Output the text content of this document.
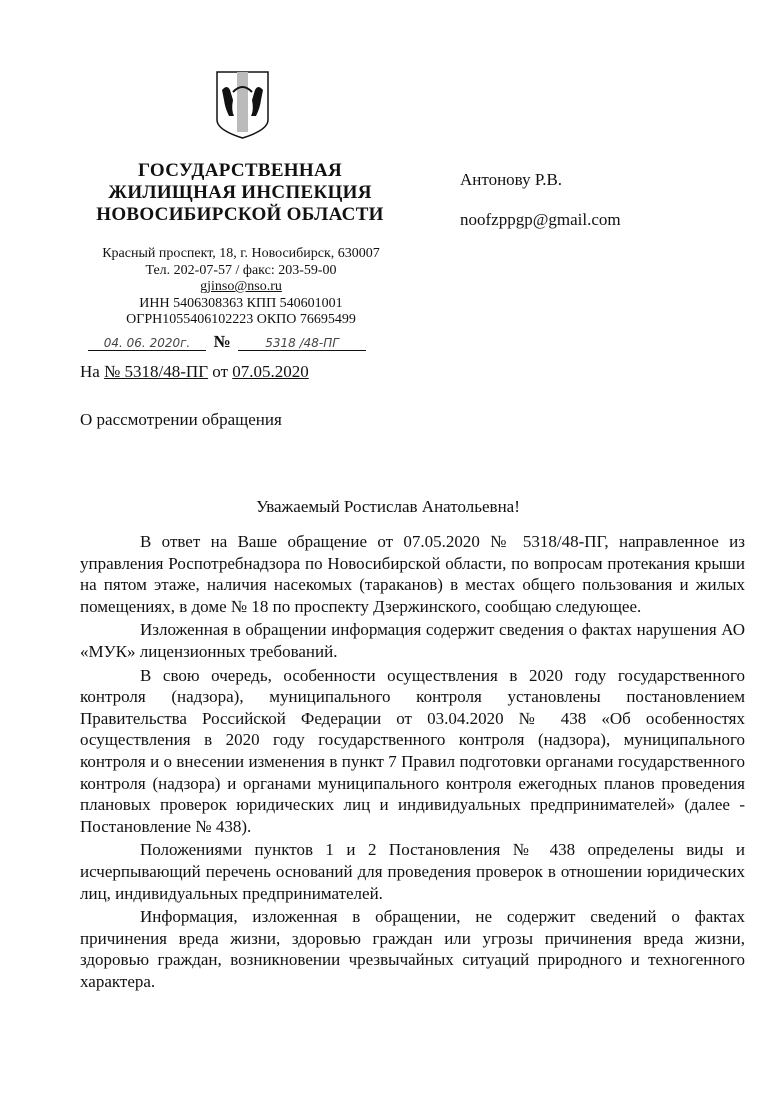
ГОСУДАРСТВЕННАЯ
ЖИЛИЩНАЯ ИНСПЕКЦИЯ
НОВОСИБИРСКОЙ ОБЛАСТИ
Красный проспект, 18, г. Новосибирск, 630007
Тел. 202-07-57 / факс: 203-59-00
gjinso@nso.ru
ИНН 5406308363 КПП 540601001
ОГРН1055406102223 ОКПО 76695499
04. 06. 2020г. №	5318 /48-ПГ
На № 5318/48-ПГ от 07.05.2020
О рассмотрении обращения
Антонову Р.В.
noofzppgp@gmail.com
Уважаемый Ростислав Анатольевна!

В ответ на Ваше обращение от 07.05.2020 № 5318/48-ПГ, направленное из управления Роспотребнадзора по Новосибирской области, по вопросам протекания крыши на пятом этаже, наличия насекомых (тараканов) в местах общего пользования и жилых помещениях, в доме № 18 по проспекту Дзержинского, сообщаю следующее.

Изложенная в обращении информация содержит сведения о фактах нарушения АО «МУК» лицензионных требований.

В свою очередь, особенности осуществления в 2020 году государственного контроля (надзора), муниципального контроля установлены постановлением Правительства Российской Федерации от 03.04.2020 № 438 «Об особенностях осуществления в 2020 году государственного контроля (надзора), муниципального контроля и о внесении изменения в пункт 7 Правил подготовки органами государственного контроля (надзора) и органами муниципального контроля ежегодных планов проведения плановых проверок юридических лиц и индивидуальных предпринимателей» (далее - Постановление № 438).

Положениями пунктов 1 и 2 Постановления № 438 определены виды и исчерпывающий перечень оснований для проведения проверок в отношении юридических лиц, индивидуальных предпринимателей.

Информация, изложенная в обращении, не содержит сведений о фактах причинения вреда жизни, здоровью граждан или угрозы причинения вреда жизни, здоровью граждан, возникновении чрезвычайных ситуаций природного и техногенного характера.
